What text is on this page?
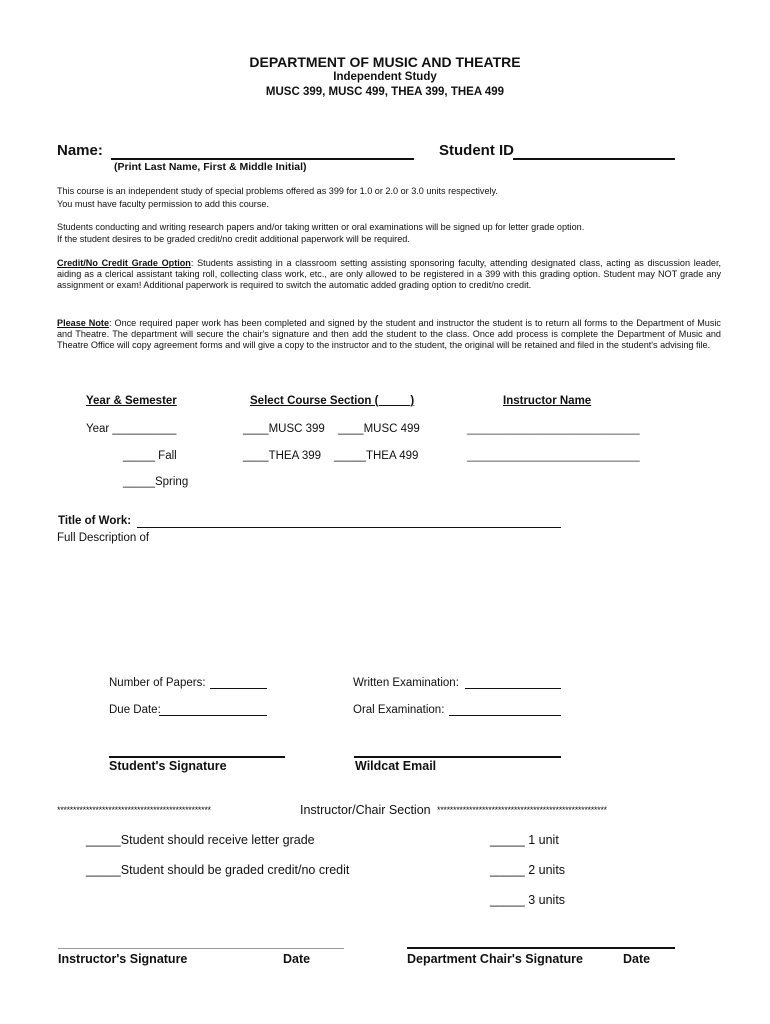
DEPARTMENT OF MUSIC AND THEATRE
Independent Study
MUSC 399, MUSC 499, THEA 399, THEA 499
Name:
(Print Last Name, First & Middle Initial)
Student ID
This course is an independent study of special problems offered as 399 for 1.0 or 2.0 or 3.0 units respectively.
You must have faculty permission to add this course.
Students conducting and writing research papers and/or taking written or oral examinations will be signed up for letter grade option.
If the student desires to be graded credit/no credit additional paperwork will be required.
Credit/No Credit Grade Option: Students assisting in a classroom setting assisting sponsoring faculty, attending designated class, acting as discussion leader, aiding as a clerical assistant taking roll, collecting class work, etc., are only allowed to be registered in a 399 with this grading option. Student may NOT grade any assignment or exam! Additional paperwork is required to switch the automatic added grading option to credit/no credit.
Please Note: Once required paper work has been completed and signed by the student and instructor the student is to return all forms to the Department of Music and Theatre. The department will secure the chair's signature and then add the student to the class. Once add process is complete the Department of Music and Theatre Office will copy agreement forms and will give a copy to the instructor and to the student, the original will be retained and filed in the student's advising file.
Year & Semester	Select Course Section (_____)	Instructor Name
Year __________	____MUSC 399 ____MUSC 499	___________________________
_____ Fall	____THEA 399 _____THEA 499	___________________________
_____Spring
Title of Work:
Full Description of
Number of Papers:	Written Examination:
Due Date:	Oral Examination:
Student's Signature	Wildcat Email
************************************************	Instructor/Chair Section *****************************************************
_____Student should receive letter grade	_____ 1 unit
_____Student should be graded credit/no credit	_____ 2 units
_____ 3 units
Instructor's Signature	Date	Department Chair's Signature	Date
